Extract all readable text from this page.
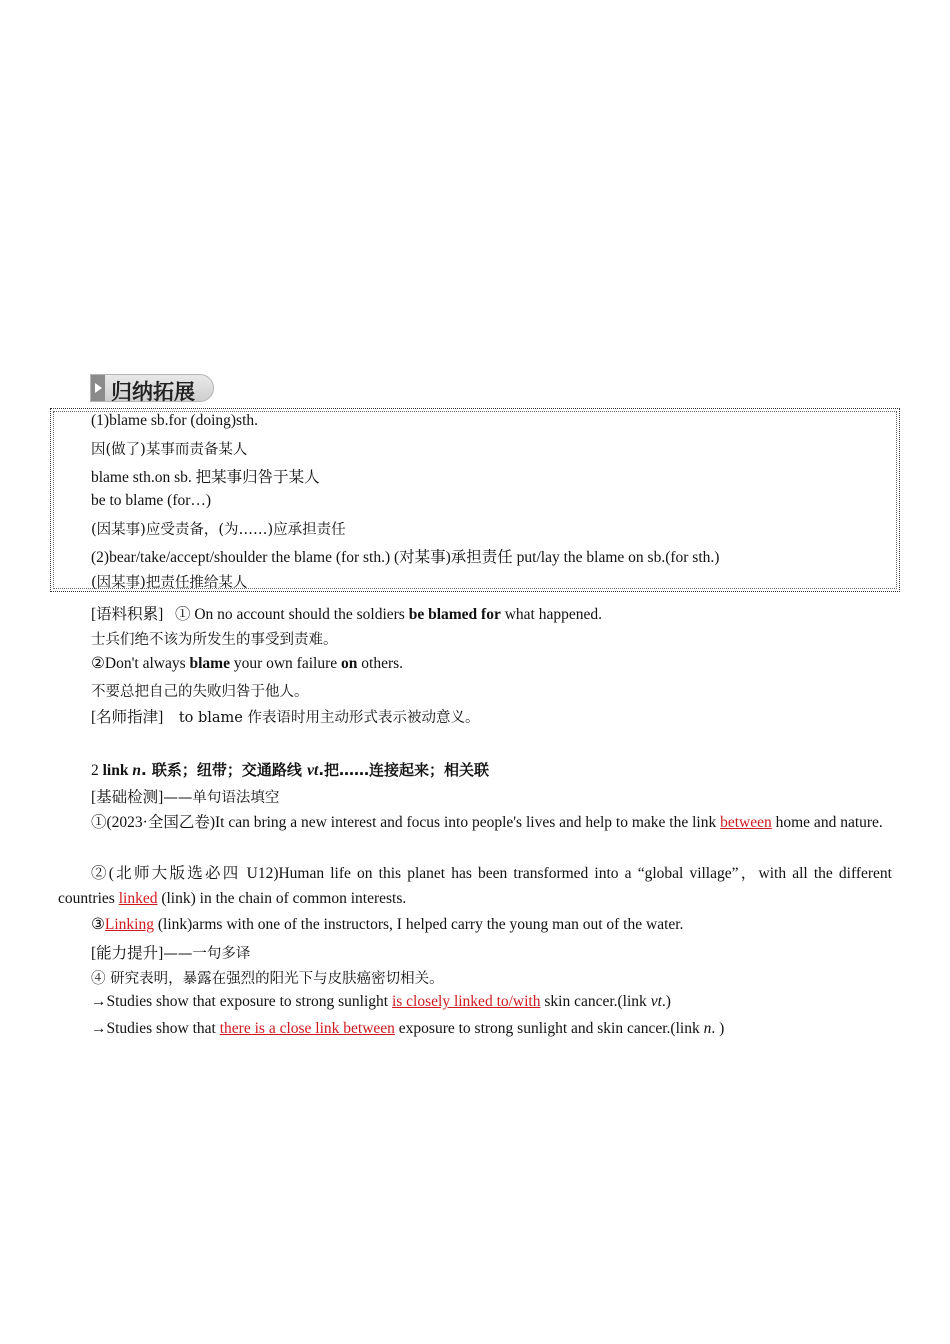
归纳拓展
(1)blame sb.for (doing)sth.
因(做了)某事而责备某人
blame sth.on sb. 把某事归咎于某人
be to blame (for…)
(因某事)应受责备，(为……)应承担责任
(2)bear/take/accept/shoulder the blame (for sth.) (对某事)承担责任 put/lay the blame on sb.(for sth.)
(因某事)把责任推给某人
[语料积累] ① On no account should the soldiers be blamed for what happened.
士兵们绝不该为所发生的事受到责难。
②Don't always blame your own failure on others.
不要总把自己的失败归咎于他人。
[名师指津] to blame 作表语时用主动形式表示被动意义。
2 link n. 联系；纽带；交通路线 vt.把……连接起来；相关联
[基础检测]——单句语法填空
①(2023·全国乙卷)It can bring a new interest and focus into people's lives and help to make the link between home and nature.
②(北师大版选必四 U12)Human life on this planet has been transformed into a “global village”，with all the different countries linked (link) in the chain of common interests.
③Linking (link)arms with one of the instructors, I helped carry the young man out of the water.
[能力提升]——一句多译
④ 研究表明，暴露在强烈的阳光下与皮肤癌密切相关。
→Studies show that exposure to strong sunlight is closely linked to/with skin cancer.(link vt.)
→Studies show that there is a close link between exposure to strong sunlight and skin cancer.(link n. )
